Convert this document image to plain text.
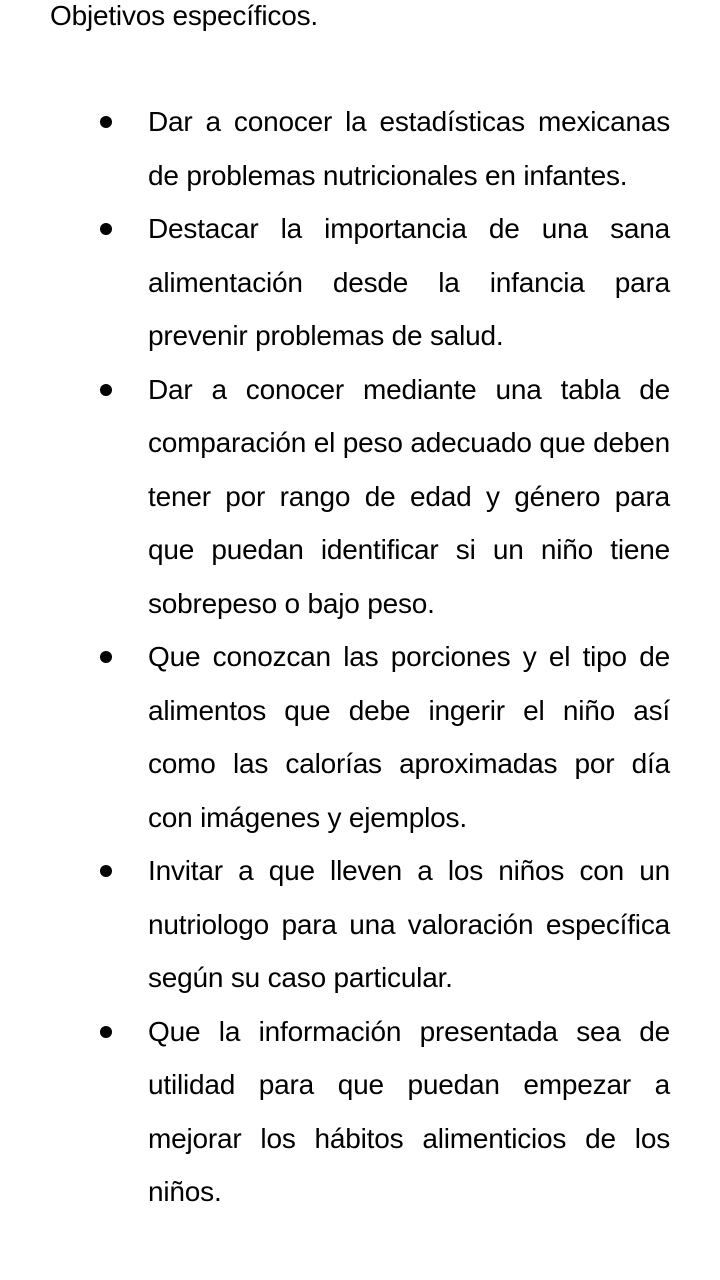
Objetivos específicos.
Dar a conocer la estadísticas mexicanas de problemas nutricionales en infantes.
Destacar la importancia de una sana alimentación desde la infancia para prevenir problemas de salud.
Dar a conocer mediante una tabla de comparación el peso adecuado que deben tener por rango de edad y género para que puedan identificar si un niño tiene sobrepeso o bajo peso.
Que conozcan las porciones y el tipo de alimentos que debe ingerir el niño así como las calorías aproximadas por día con imágenes y ejemplos.
Invitar a que lleven a los niños con un nutriologo para una valoración específica según su caso particular.
Que la información presentada sea de utilidad para que puedan empezar a mejorar los hábitos alimenticios de los niños.
